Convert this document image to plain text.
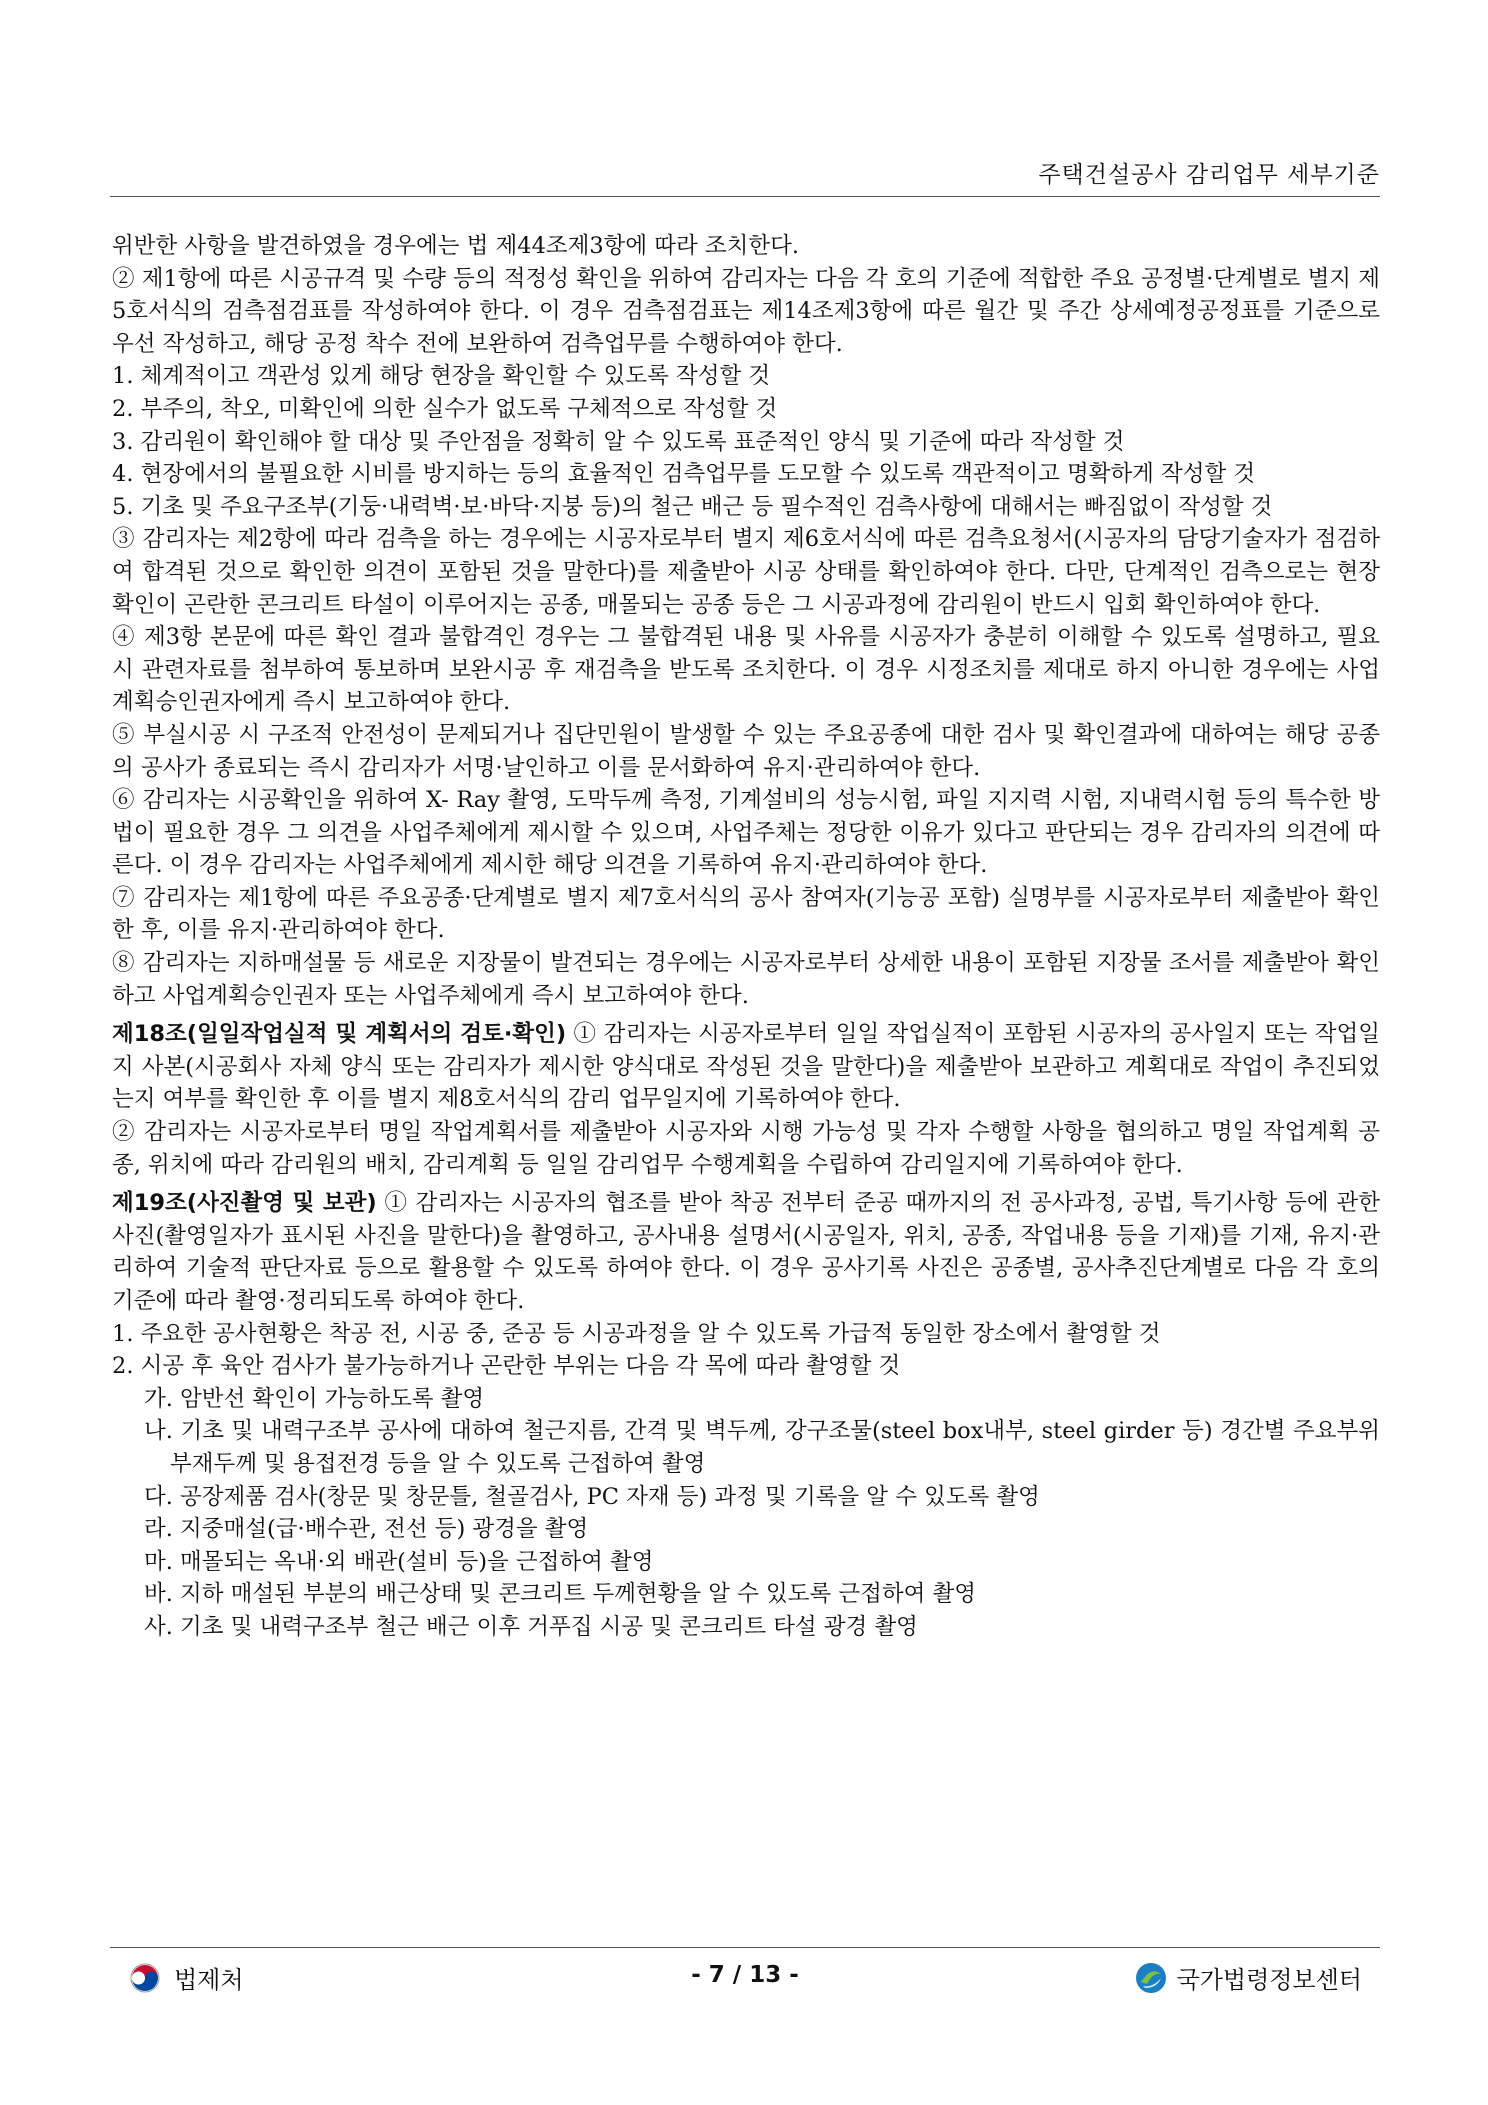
주택건설공사 감리업무 세부기준

위반한 사항을 발견하였을 경우에는 법 제44조제3항에 따라 조치한다.

② 제1항에 따른 시공규격 및 수량 등의 적정성 확인을 위하여 감리자는 다음 각 호의 기준에 적합한 주요 공정별·단계별로 별지 제5호서식의 검측점검표를 작성하여야 한다. 이 경우 검측점검표는 제14조제3항에 따른 월간 및 주간 상세예정공정표를 기준으로 우선 작성하고, 해당 공정 착수 전에 보완하여 검측업무를 수행하여야 한다.

1. 체계적이고 객관성 있게 해당 현장을 확인할 수 있도록 작성할 것

2. 부주의, 착오, 미확인에 의한 실수가 없도록 구체적으로 작성할 것

3. 감리원이 확인해야 할 대상 및 주안점을 정확히 알 수 있도록 표준적인 양식 및 기준에 따라 작성할 것

4. 현장에서의 불필요한 시비를 방지하는 등의 효율적인 검측업무를 도모할 수 있도록 객관적이고 명확하게 작성할 것

5. 기초 및 주요구조부(기둥·내력벽·보·바닥·지붕 등)의 철근 배근 등 필수적인 검측사항에 대해서는 빠짐없이 작성할 것

③ 감리자는 제2항에 따라 검측을 하는 경우에는 시공자로부터 별지 제6호서식에 따른 검측요청서(시공자의 담당기술자가 점검하여 합격된 것으로 확인한 의견이 포함된 것을 말한다)를 제출받아 시공 상태를 확인하여야 한다. 다만, 단계적인 검측으로는 현장 확인이 곤란한 콘크리트 타설이 이루어지는 공종, 매몰되는 공종 등은 그 시공과정에 감리원이 반드시 입회 확인하여야 한다.

④ 제3항 본문에 따른 확인 결과 불합격인 경우는 그 불합격된 내용 및 사유를 시공자가 충분히 이해할 수 있도록 설명하고, 필요 시 관련자료를 첨부하여 통보하며 보완시공 후 재검측을 받도록 조치한다. 이 경우 시정조치를 제대로 하지 아니한 경우에는 사업계획승인권자에게 즉시 보고하여야 한다.

⑤ 부실시공 시 구조적 안전성이 문제되거나 집단민원이 발생할 수 있는 주요공종에 대한 검사 및 확인결과에 대하여는 해당 공종의 공사가 종료되는 즉시 감리자가 서명·날인하고 이를 문서화하여 유지·관리하여야 한다.

⑥ 감리자는 시공확인을 위하여 X- Ray 촬영, 도막두께 측정, 기계설비의 성능시험, 파일 지지력 시험, 지내력시험 등의 특수한 방법이 필요한 경우 그 의견을 사업주체에게 제시할 수 있으며, 사업주체는 정당한 이유가 있다고 판단되는 경우 감리자의 의견에 따른다. 이 경우 감리자는 사업주체에게 제시한 해당 의견을 기록하여 유지·관리하여야 한다.

⑦ 감리자는 제1항에 따른 주요공종·단계별로 별지 제7호서식의 공사 참여자(기능공 포함) 실명부를 시공자로부터 제출받아 확인한 후, 이를 유지·관리하여야 한다.

⑧ 감리자는 지하매설물 등 새로운 지장물이 발견되는 경우에는 시공자로부터 상세한 내용이 포함된 지장물 조서를 제출받아 확인하고 사업계획승인권자 또는 사업주체에게 즉시 보고하여야 한다.

제18조(일일작업실적 및 계획서의 검토·확인) ① 감리자는 시공자로부터 일일 작업실적이 포함된 시공자의 공사일지 또는 작업일지 사본(시공회사 자체 양식 또는 감리자가 제시한 양식대로 작성된 것을 말한다)을 제출받아 보관하고 계획대로 작업이 추진되었는지 여부를 확인한 후 이를 별지 제8호서식의 감리 업무일지에 기록하여야 한다.

② 감리자는 시공자로부터 명일 작업계획서를 제출받아 시공자와 시행 가능성 및 각자 수행할 사항을 협의하고 명일 작업계획 공종, 위치에 따라 감리원의 배치, 감리계획 등 일일 감리업무 수행계획을 수립하여 감리일지에 기록하여야 한다.

제19조(사진촬영 및 보관) ① 감리자는 시공자의 협조를 받아 착공 전부터 준공 때까지의 전 공사과정, 공법, 특기사항 등에 관한 사진(촬영일자가 표시된 사진을 말한다)을 촬영하고, 공사내용 설명서(시공일자, 위치, 공종, 작업내용 등을 기재)를 기재, 유지·관리하여 기술적 판단자료 등으로 활용할 수 있도록 하여야 한다. 이 경우 공사기록 사진은 공종별, 공사추진단계별로 다음 각 호의 기준에 따라 촬영·정리되도록 하여야 한다.

1. 주요한 공사현황은 착공 전, 시공 중, 준공 등 시공과정을 알 수 있도록 가급적 동일한 장소에서 촬영할 것

2. 시공 후 육안 검사가 불가능하거나 곤란한 부위는 다음 각 목에 따라 촬영할 것

가. 암반선 확인이 가능하도록 촬영

나. 기초 및 내력구조부 공사에 대하여 철근지름, 간격 및 벽두께, 강구조물(steel box내부, steel girder 등) 경간별 주요부위 부재두께 및 용접전경 등을 알 수 있도록 근접하여 촬영

다. 공장제품 검사(창문 및 창문틀, 철골검사, PC 자재 등) 과정 및 기록을 알 수 있도록 촬영

라. 지중매설(급·배수관, 전선 등) 광경을 촬영

마. 매몰되는 옥내·외 배관(설비 등)을 근접하여 촬영

바. 지하 매설된 부분의 배근상태 및 콘크리트 두께현황을 알 수 있도록 근접하여 촬영

사. 기초 및 내력구조부 철근 배근 이후 거푸집 시공 및 콘크리트 타설 광경 촬영

법제처	- 7 / 13 -	국가법령정보센터
